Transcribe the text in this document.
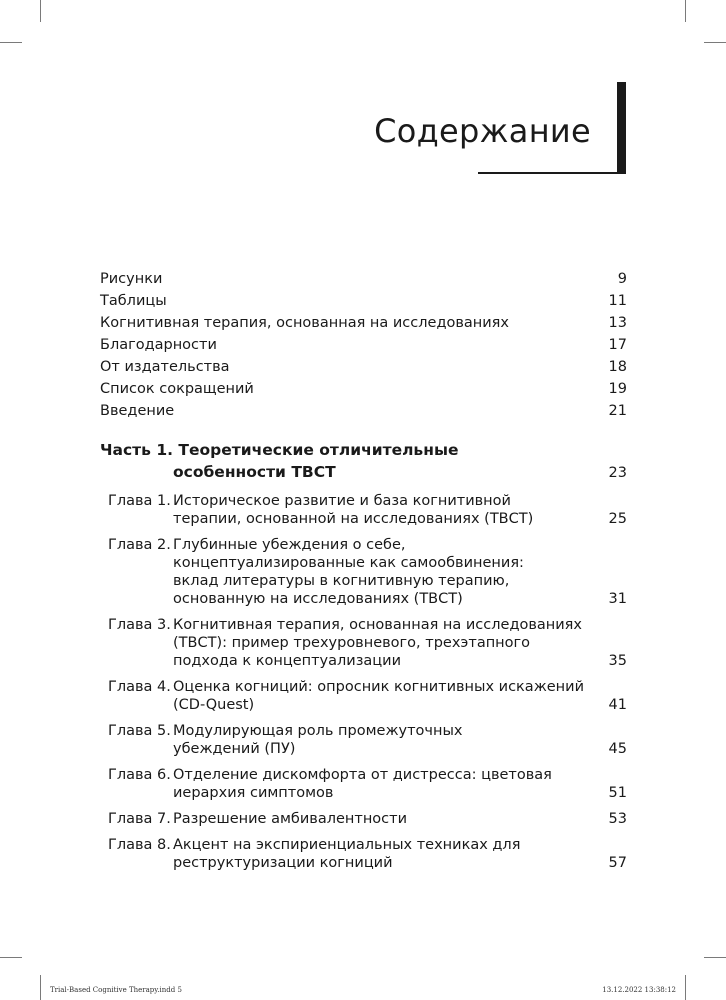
Содержание
Рисунки	9
Таблицы	11
Когнитивная терапия, основанная на исследованиях	13
Благодарности	17
От издательства	18
Список сокращений	19
Введение	21
Часть 1. Теоретические отличительные
особенности ТВСТ	23
Глава 1. Историческое развитие и база когнитивной
терапии, основанной на исследованиях (ТВСТ)	25
Глава 2. Глубинные убеждения о себе,
концептуализированные как самообвинения:
вклад литературы в когнитивную терапию,
основанную на исследованиях (ТВСТ)	31
Глава 3. Когнитивная терапия, основанная на исследованиях
(ТВСТ): пример трехуровневого, трехэтапного
подхода к концептуализации	35
Глава 4. Оценка когниций: опросник когнитивных искажений
(CD-Quest)	41
Глава 5. Модулирующая роль промежуточных
убеждений (ПУ)	45
Глава 6. Отделение дискомфорта от дистресса: цветовая
иерархия симптомов	51
Глава 7. Разрешение амбивалентности	53
Глава 8. Акцент на экспириенциальных техниках для
реструктуризации когниций	57
Trial-Based Cognitive Therapy.indd 5	13.12.2022 13:38:12
